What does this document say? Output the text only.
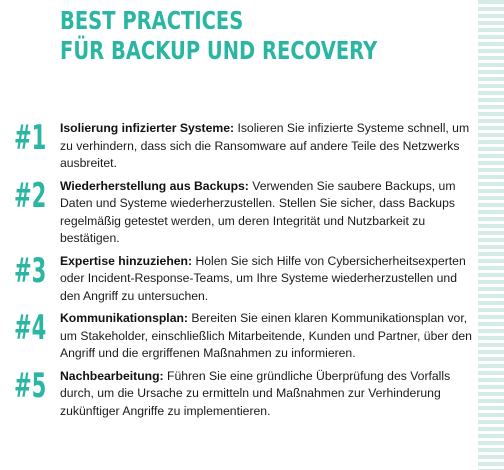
BEST PRACTICES
FÜR BACKUP UND RECOVERY
#1 Isolierung infizierter Systeme: Isolieren Sie infizierte Systeme schnell, um zu verhindern, dass sich die Ransomware auf andere Teile des Netzwerks ausbreitet.
#2 Wiederherstellung aus Backups: Verwenden Sie saubere Backups, um Daten und Systeme wiederherzustellen. Stellen Sie sicher, dass Backups regelmäßig getestet werden, um deren Integrität und Nutzbarkeit zu bestätigen.
#3 Expertise hinzuziehen: Holen Sie sich Hilfe von Cybersicherheitsexperten oder Incident-Response-Teams, um Ihre Systeme wiederherzustellen und den Angriff zu untersuchen.
#4 Kommunikationsplan: Bereiten Sie einen klaren Kommunikationsplan vor, um Stakeholder, einschließlich Mitarbeitende, Kunden und Partner, über den Angriff und die ergriffenen Maßnahmen zu informieren.
#5 Nachbearbeitung: Führen Sie eine gründliche Überprüfung des Vorfalls durch, um die Ursache zu ermitteln und Maßnahmen zur Verhinderung zukünftiger Angriffe zu implementieren.
